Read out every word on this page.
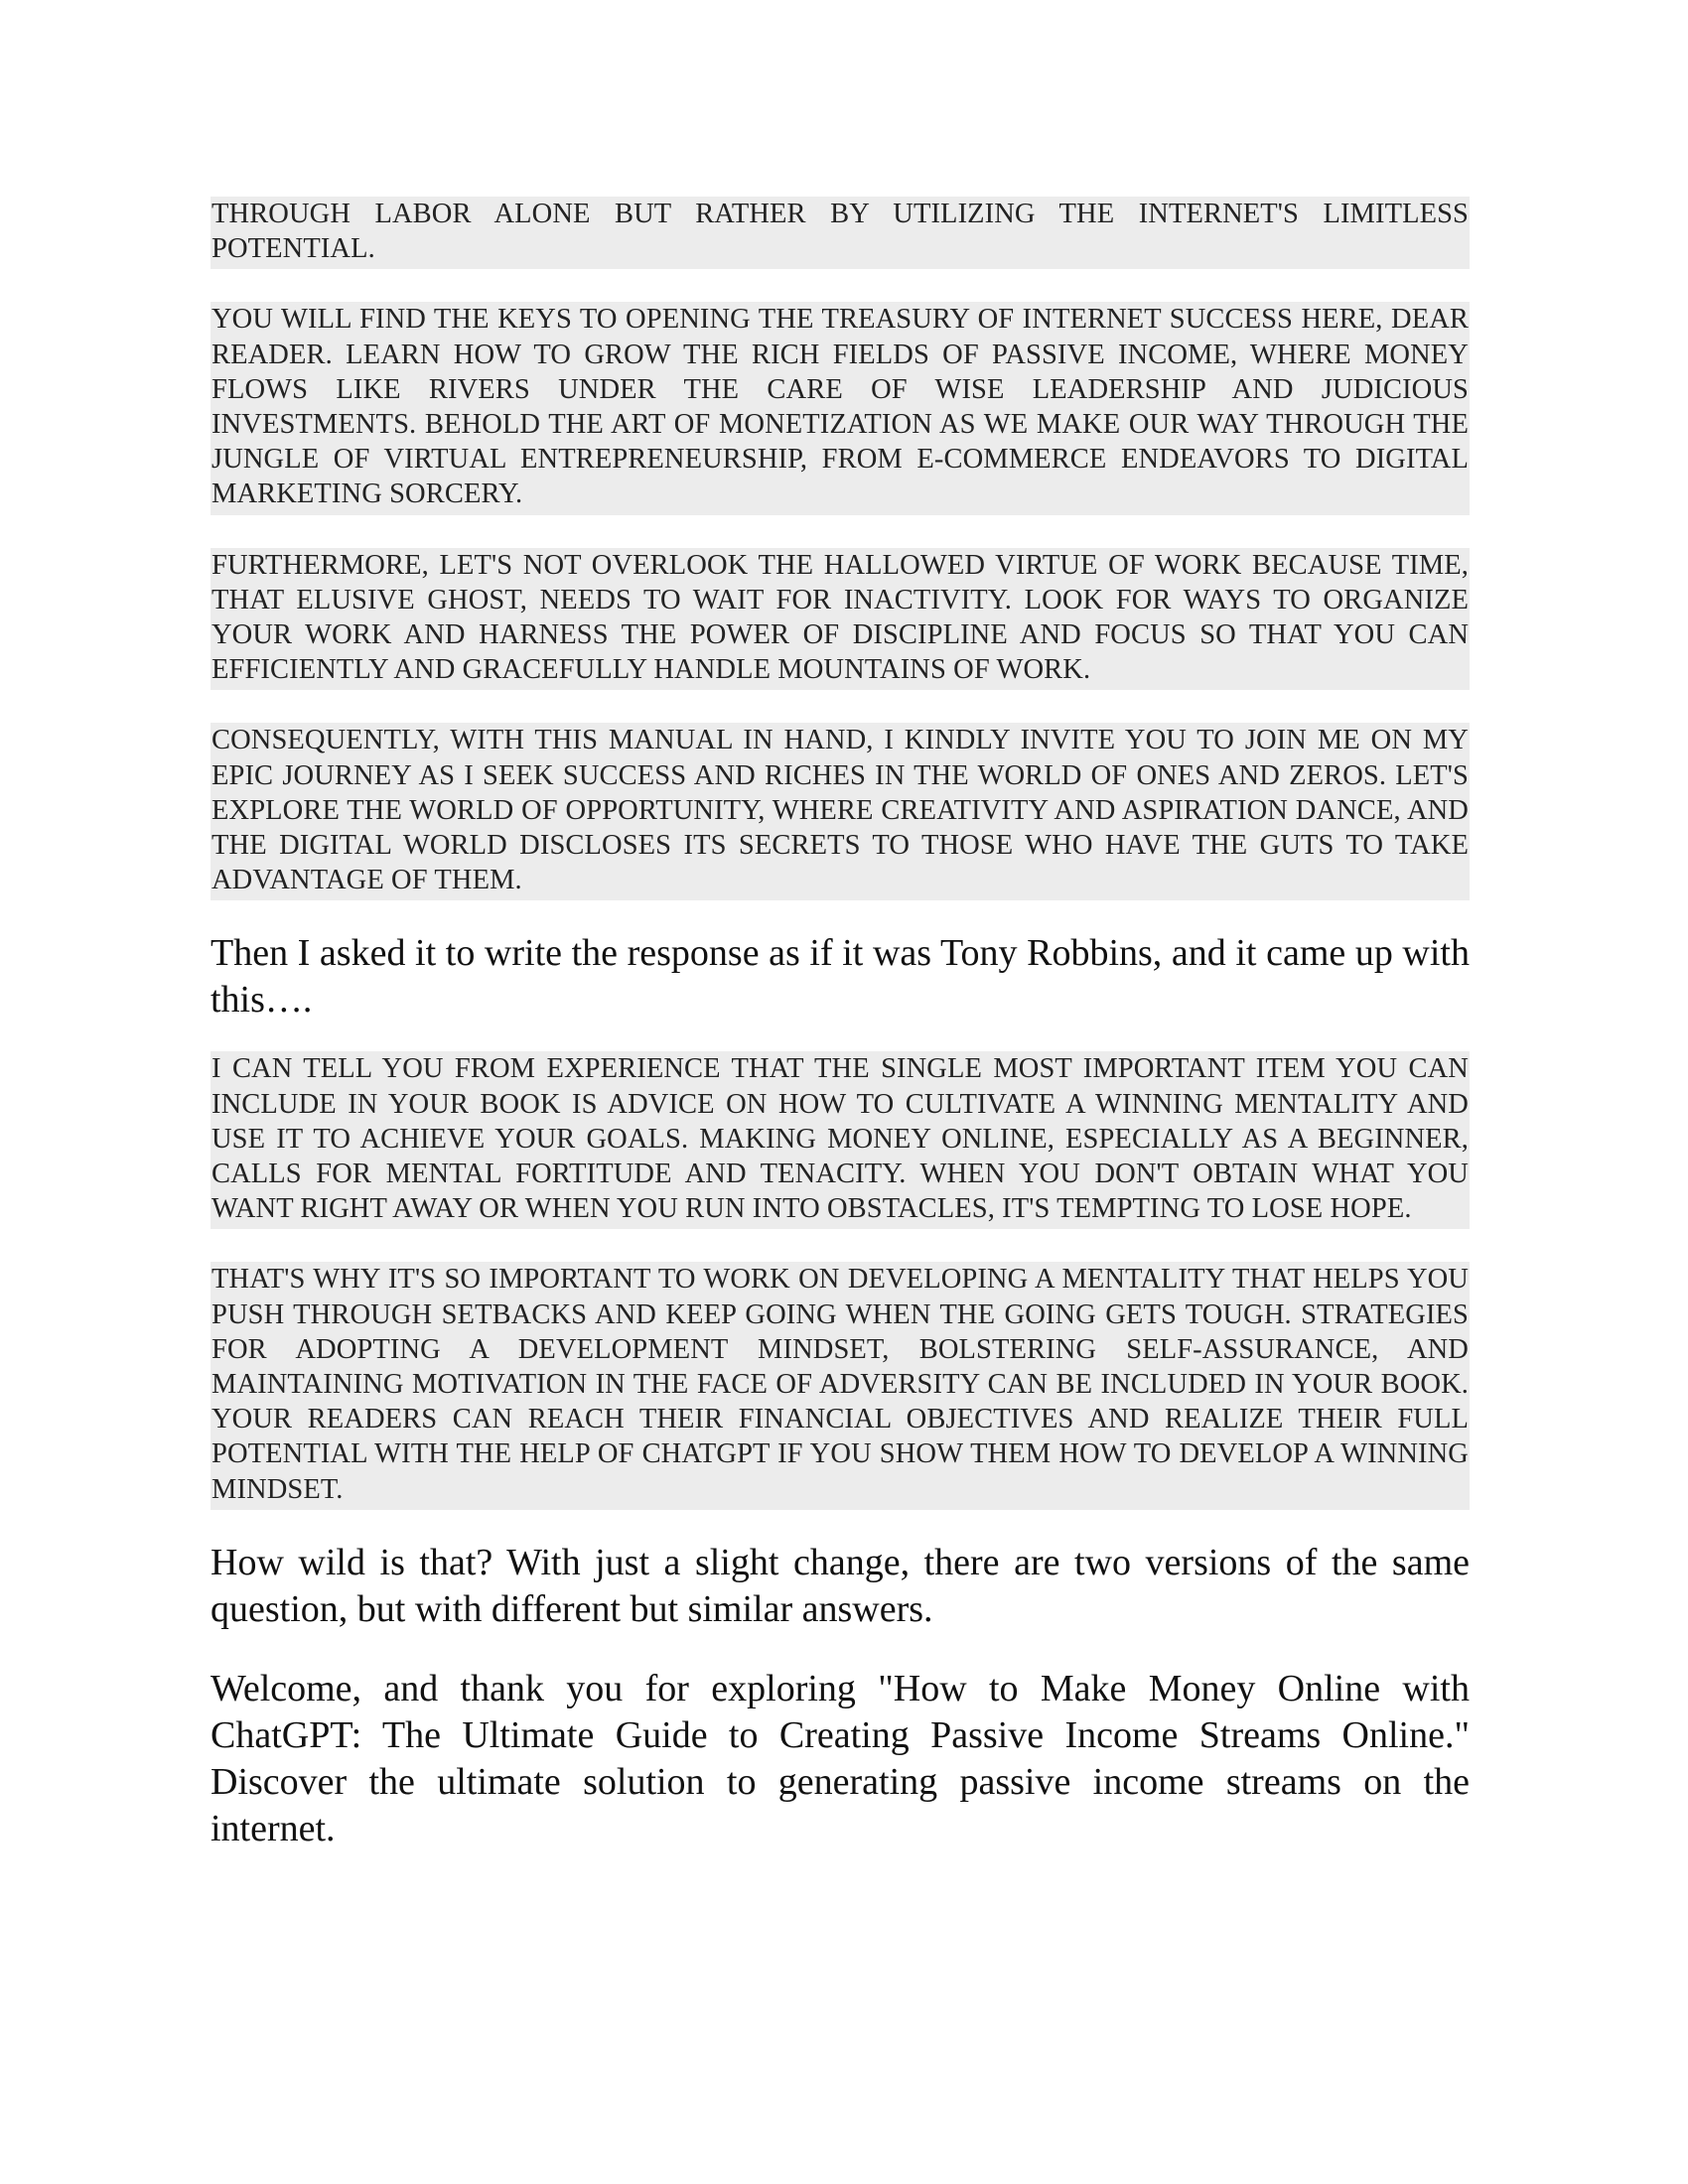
THROUGH LABOR ALONE BUT RATHER BY UTILIZING THE INTERNET'S LIMITLESS POTENTIAL.
YOU WILL FIND THE KEYS TO OPENING THE TREASURY OF INTERNET SUCCESS HERE, DEAR READER. LEARN HOW TO GROW THE RICH FIELDS OF PASSIVE INCOME, WHERE MONEY FLOWS LIKE RIVERS UNDER THE CARE OF WISE LEADERSHIP AND JUDICIOUS INVESTMENTS. BEHOLD THE ART OF MONETIZATION AS WE MAKE OUR WAY THROUGH THE JUNGLE OF VIRTUAL ENTREPRENEURSHIP, FROM E-COMMERCE ENDEAVORS TO DIGITAL MARKETING SORCERY.
FURTHERMORE, LET'S NOT OVERLOOK THE HALLOWED VIRTUE OF WORK BECAUSE TIME, THAT ELUSIVE GHOST, NEEDS TO WAIT FOR INACTIVITY. LOOK FOR WAYS TO ORGANIZE YOUR WORK AND HARNESS THE POWER OF DISCIPLINE AND FOCUS SO THAT YOU CAN EFFICIENTLY AND GRACEFULLY HANDLE MOUNTAINS OF WORK.
CONSEQUENTLY, WITH THIS MANUAL IN HAND, I KINDLY INVITE YOU TO JOIN ME ON MY EPIC JOURNEY AS I SEEK SUCCESS AND RICHES IN THE WORLD OF ONES AND ZEROS. LET'S EXPLORE THE WORLD OF OPPORTUNITY, WHERE CREATIVITY AND ASPIRATION DANCE, AND THE DIGITAL WORLD DISCLOSES ITS SECRETS TO THOSE WHO HAVE THE GUTS TO TAKE ADVANTAGE OF THEM.

Then I asked it to write the response as if it was Tony Robbins, and it came up with this….

I CAN TELL YOU FROM EXPERIENCE THAT THE SINGLE MOST IMPORTANT ITEM YOU CAN INCLUDE IN YOUR BOOK IS ADVICE ON HOW TO CULTIVATE A WINNING MENTALITY AND USE IT TO ACHIEVE YOUR GOALS. MAKING MONEY ONLINE, ESPECIALLY AS A BEGINNER, CALLS FOR MENTAL FORTITUDE AND TENACITY. WHEN YOU DON'T OBTAIN WHAT YOU WANT RIGHT AWAY OR WHEN YOU RUN INTO OBSTACLES, IT'S TEMPTING TO LOSE HOPE.
THAT'S WHY IT'S SO IMPORTANT TO WORK ON DEVELOPING A MENTALITY THAT HELPS YOU PUSH THROUGH SETBACKS AND KEEP GOING WHEN THE GOING GETS TOUGH. STRATEGIES FOR ADOPTING A DEVELOPMENT MINDSET, BOLSTERING SELF-ASSURANCE, AND MAINTAINING MOTIVATION IN THE FACE OF ADVERSITY CAN BE INCLUDED IN YOUR BOOK. YOUR READERS CAN REACH THEIR FINANCIAL OBJECTIVES AND REALIZE THEIR FULL POTENTIAL WITH THE HELP OF CHATGPT IF YOU SHOW THEM HOW TO DEVELOP A WINNING MINDSET.

How wild is that? With just a slight change, there are two versions of the same question, but with different but similar answers.

Welcome, and thank you for exploring "How to Make Money Online with ChatGPT: The Ultimate Guide to Creating Passive Income Streams Online." Discover the ultimate solution to generating passive income streams on the internet.
